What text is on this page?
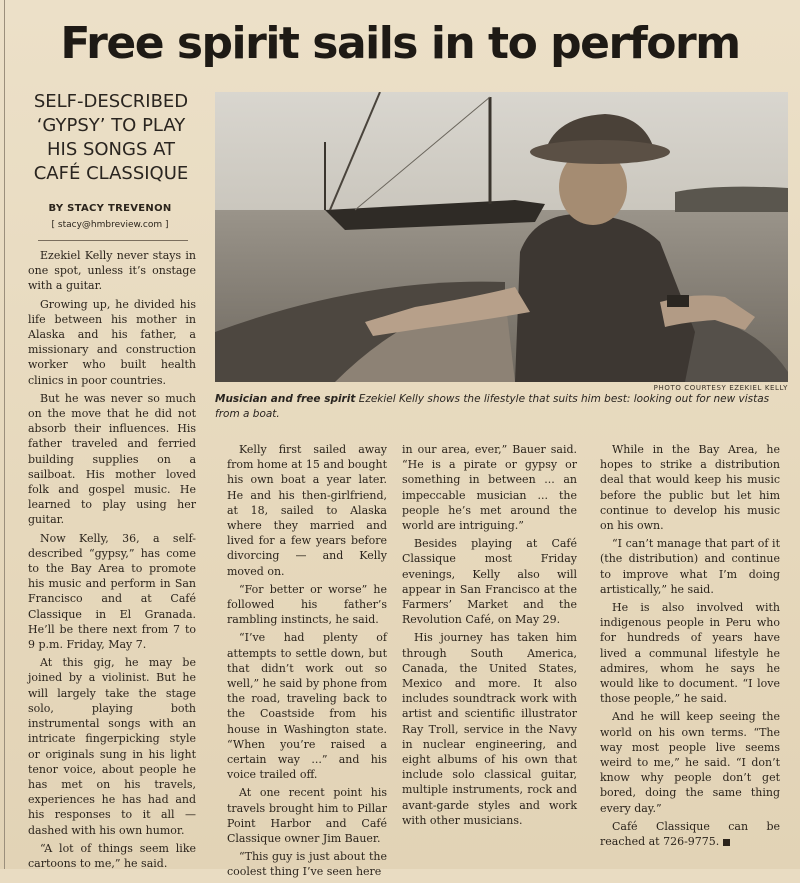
Free spirit sails in to perform
SELF-DESCRIBED
‘GYPSY’ TO PLAY
HIS SONGS AT
CAFÉ CLASSIQUE
BY STACY TREVENON
[ stacy@hmbreview.com ]
PHOTO COURTESY EZEKIEL KELLY
Musician and free spirit Ezekiel Kelly shows the lifestyle that suits him best: looking out for new vistas from a boat.

Ezekiel Kelly never stays in one spot, unless it’s onstage with a guitar.

Growing up, he divided his life between his mother in Alaska and his father, a missionary and construction worker who built health clinics in poor countries.

But he was never so much on the move that he did not absorb their influences. His father traveled and ferried building supplies on a sailboat. His mother loved folk and gospel music. He learned to play using her guitar.

Now Kelly, 36, a self-described “gypsy,” has come to the Bay Area to promote his music and perform in San Francisco and at Café Classique in El Granada. He’ll be there next from 7 to 9 p.m. Friday, May 7.

At this gig, he may be joined by a violinist. But he will largely take the stage solo, playing both instrumental songs with an intricate fingerpicking style or originals sung in his light tenor voice, about people he has met on his travels, experiences he has had and his responses to it all — dashed with his own humor.

“A lot of things seem like cartoons to me,” he said.

Kelly first sailed away from home at 15 and bought his own boat a year later. He and his then-girlfriend, at 18, sailed to Alaska where they married and lived for a few years before divorcing — and Kelly moved on.

“For better or worse” he followed his father’s rambling instincts, he said.

“I’ve had plenty of attempts to settle down, but that didn’t work out so well,” he said by phone from the road, traveling back to the Coastside from his house in Washington state. “When you’re raised a certain way ...” and his voice trailed off.

At one recent point his travels brought him to Pillar Point Harbor and Café Classique owner Jim Bauer.

“This guy is just about the coolest thing I’ve seen here

in our area, ever,” Bauer said. “He is a pirate or gypsy or something in between ... an impeccable musician ... the people he’s met around the world are intriguing.”

Besides playing at Café Classique most Friday evenings, Kelly also will appear in San Francisco at the Farmers’ Market and the Revolution Café, on May 29.

His journey has taken him through South America, Canada, the United States, Mexico and more. It also includes soundtrack work with artist and scientific illustrator Ray Troll, service in the Navy in nuclear engineering, and eight albums of his own that include solo classical guitar, multiple instruments, rock and avant-garde styles and work with other musicians.

While in the Bay Area, he hopes to strike a distribution deal that would keep his music before the public but let him continue to develop his music on his own.

“I can’t manage that part of it (the distribution) and continue to improve what I’m doing artistically,” he said.

He is also involved with indigenous people in Peru who for hundreds of years have lived a communal lifestyle he admires, whom he says he would like to document. “I love those people,” he said.

And he will keep seeing the world on his own terms. “The way most people live seems weird to me,” he said. “I don’t know why people don’t get bored, doing the same thing every day.”

Café Classique can be reached at 726-9775.
